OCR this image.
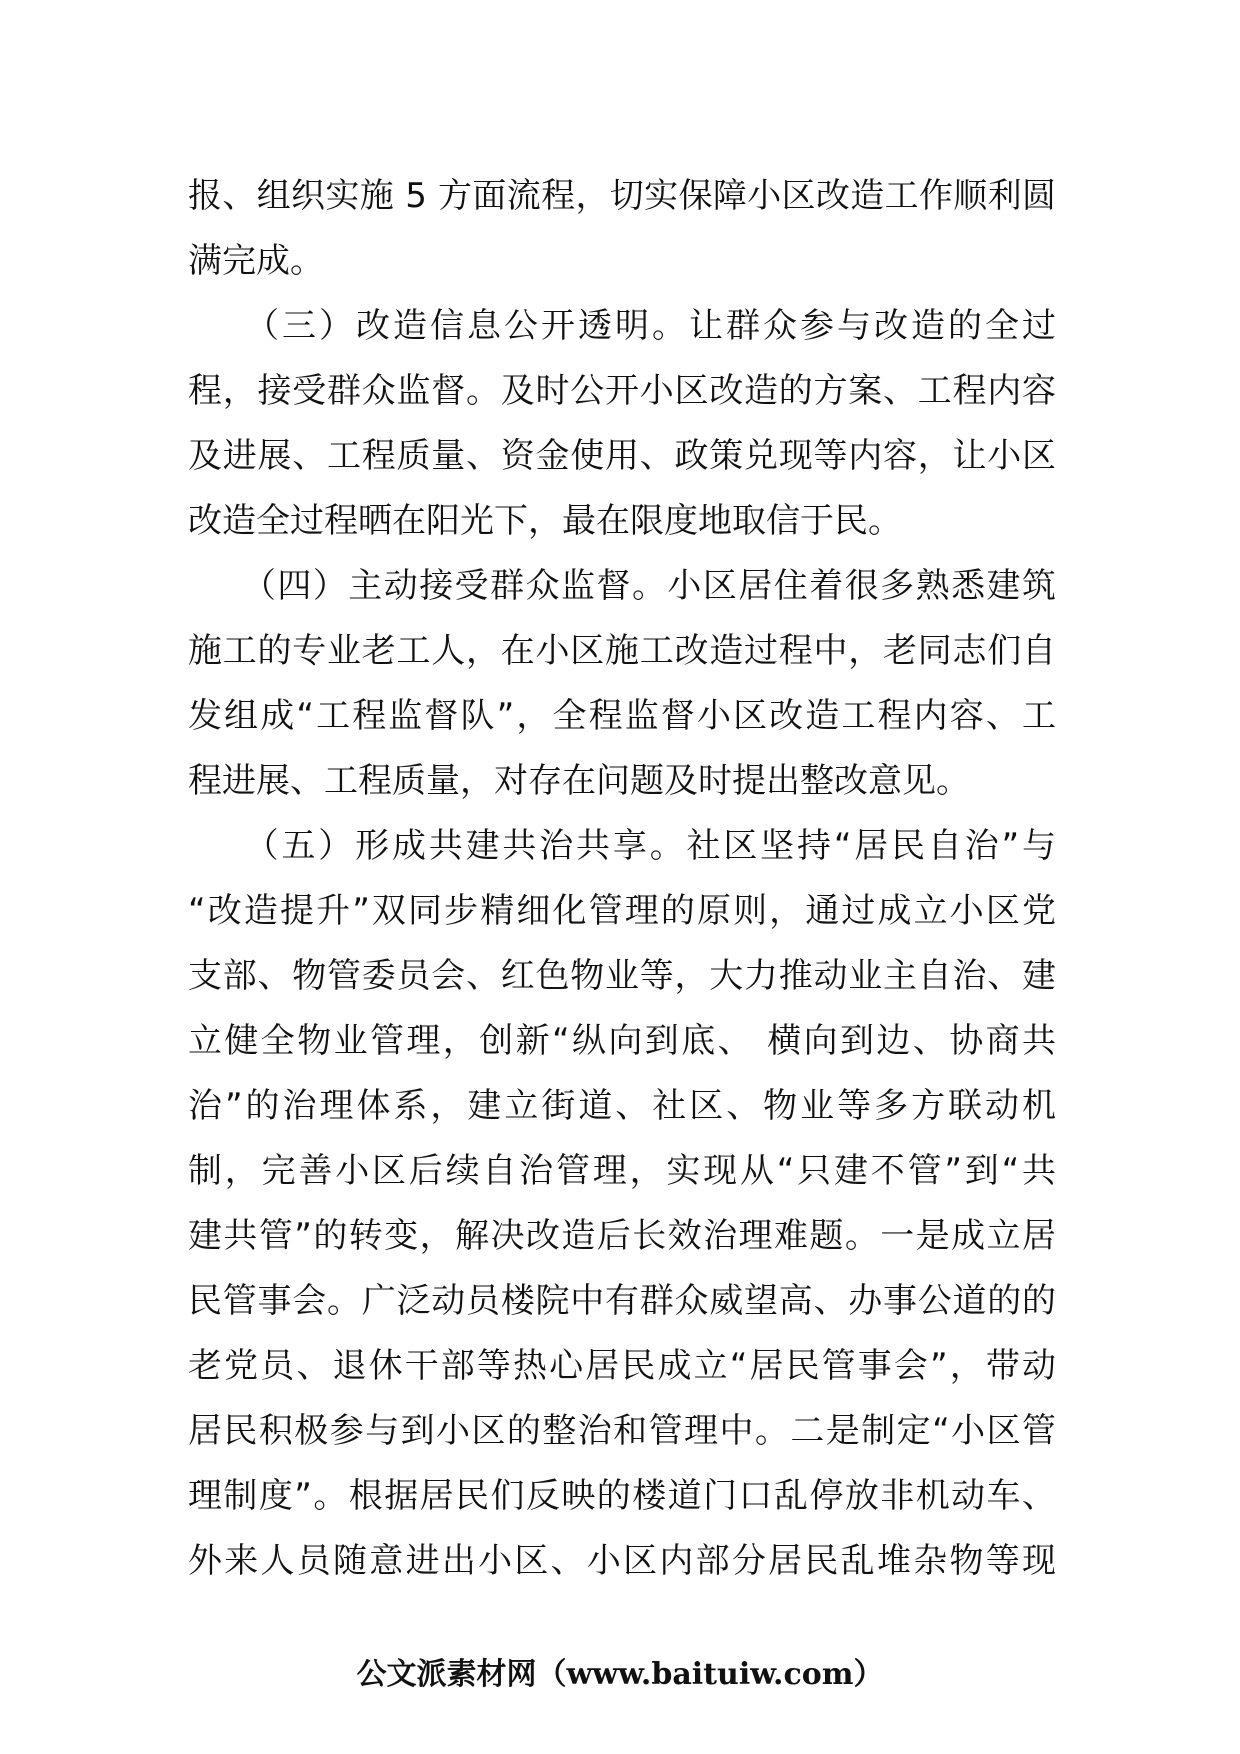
报、组织实施 5 方面流程，切实保障小区改造工作顺利圆
满完成。
　　（三）改造信息公开透明。让群众参与改造的全过
程，接受群众监督。及时公开小区改造的方案、工程内容
及进展、工程质量、资金使用、政策兑现等内容，让小区
改造全过程晒在阳光下，最在限度地取信于民。
　　（四）主动接受群众监督。小区居住着很多熟悉建筑
施工的专业老工人，在小区施工改造过程中，老同志们自
发组成“工程监督队”，全程监督小区改造工程内容、工
程进展、工程质量，对存在问题及时提出整改意见。
　　（五）形成共建共治共享。社区坚持“居民自治”与
“改造提升”双同步精细化管理的原则，通过成立小区党
支部、物管委员会、红色物业等，大力推动业主自治、建
立健全物业管理，创新“纵向到底、 横向到边、协商共
治”的治理体系，建立街道、社区、物业等多方联动机
制，完善小区后续自治管理，实现从“只建不管”到“共
建共管”的转变，解决改造后长效治理难题。一是成立居
民管事会。广泛动员楼院中有群众威望高、办事公道的的
老党员、退休干部等热心居民成立“居民管事会”，带动
居民积极参与到小区的整治和管理中。二是制定“小区管
理制度”。根据居民们反映的楼道门口乱停放非机动车、
外来人员随意进出小区、小区内部分居民乱堆杂物等现
公文派素材网（www.baituiw.com）
